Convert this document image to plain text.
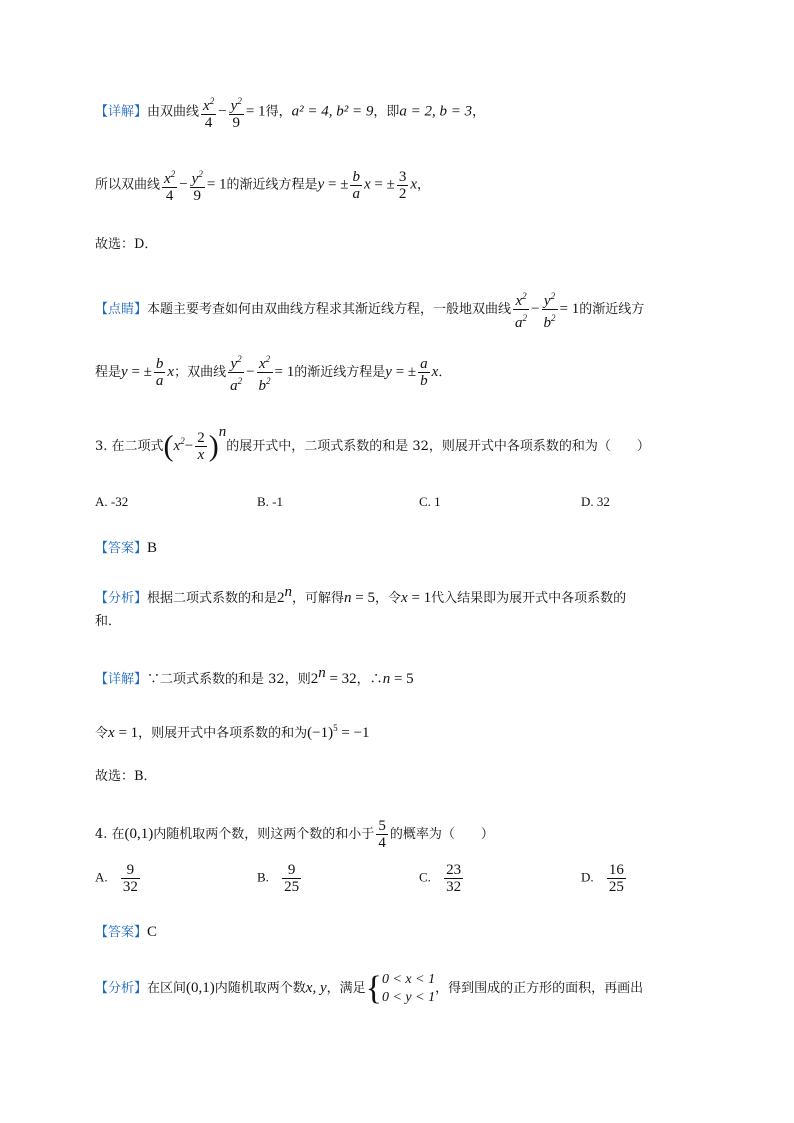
【详解】由双曲线 $\frac{x^2}{4} - \frac{y^2}{9} = 1$得，a² = 4, b² = 9，即a = 2, b = 3，
所以双曲线 $\frac{x^2}{4} - \frac{y^2}{9} = 1$的渐近线方程是y = ± $\frac{b}{a}$ x = ± $\frac{3}{2}$ x，
故选：D．
【点睛】本题主要考查如何由双曲线方程求其渐近线方程，一般地双曲线 $\frac{x^2}{a^2} - \frac{y^2}{b^2} = 1$的渐近线方
程是y = ± $\frac{b}{a}$ x；双曲线 $\frac{y^2}{a^2} - \frac{x^2}{b^2} = 1$的渐近线方程是y = ± $\frac{a}{b}$ x．
3. 在二项式$(x^2- \frac{2}{x} )^n$的展开式中，二项式系数的和是 32，则展开式中各项系数的和为（　　）
A. -32	B. -1	C. 1	D. 32
【答案】B
【分析】根据二项式系数的和是2$^n$，可解得n = 5，令x = 1代入结果即为展开式中各项系数的
和．
【详解】∵二项式系数的和是 32，则$2^n = 32$，∴n = 5
令x = 1，则展开式中各项系数的和为$(-1)^5 = -1$
故选：B．
4. 在(0,1)内随机取两个数，则这两个数的和小于 $\frac{5}{4}$ 的概率为（　　）
A. $\frac{9}{32}$	B. $\frac{9}{25}$	C. $\frac{23}{32}$	D. $\frac{16}{25}$
【答案】C
【分析】在区间(0,1)内随机取两个数x, y，满足{0 < x < 1
0 < y < 1，得到围成的正方形的面积，再画出
